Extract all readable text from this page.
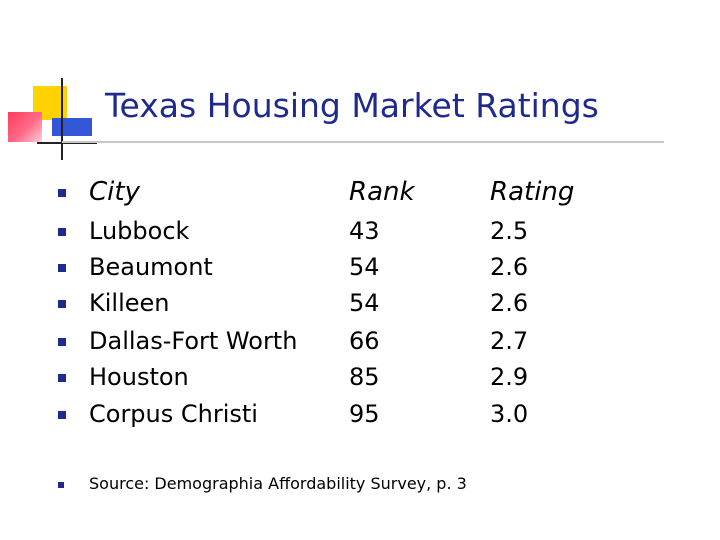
Texas Housing Market Ratings
City	Rank	Rating
Lubbock	43	2.5
Beaumont	54	2.6
Killeen	54	2.6
Dallas-Fort Worth 66	2.7
Houston	85	2.9
Corpus Christi	95	3.0
Source: Demographia Affordability Survey, p. 3
